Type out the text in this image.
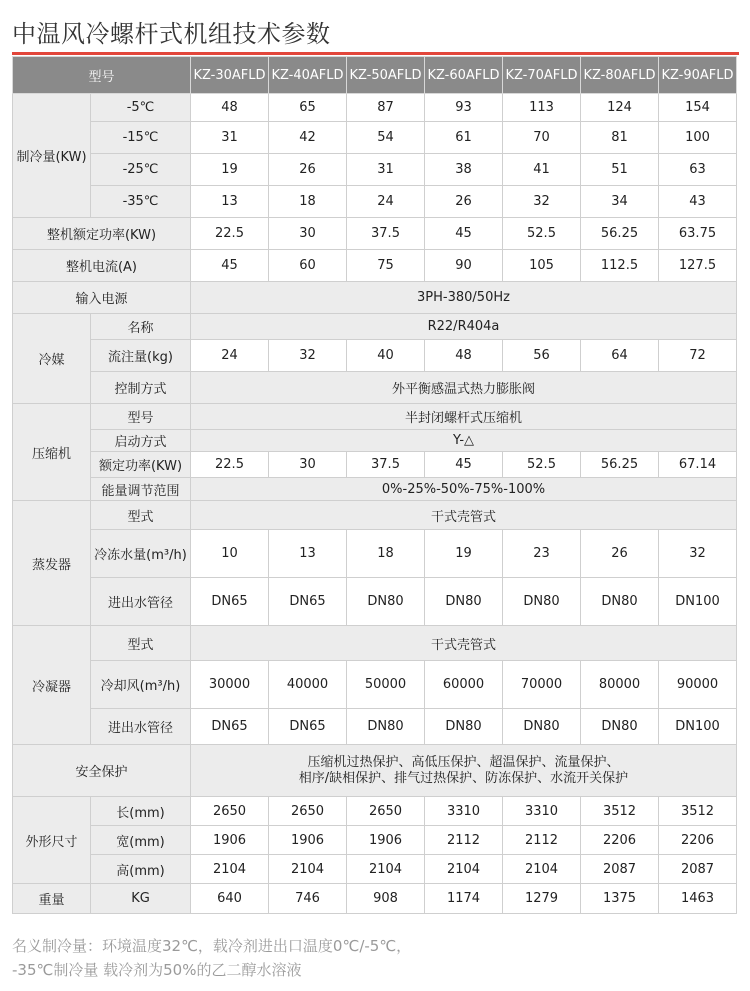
中温风冷螺杆式机组技术参数
型号		KZ-30AFLD	KZ-40AFLD	KZ-50AFLD	KZ-60AFLD	KZ-70AFLD	KZ-80AFLD	KZ-90AFLD
制冷量(KW)	-5℃	48	65	87	93	113	124	154
	-15℃	31	42	54	61	70	81	100
	-25℃	19	26	31	38	41	51	63
	-35℃	13	18	24	26	32	34	43
整机额定功率(KW)		22.5	30	37.5	45	52.5	56.25	63.75
整机电流(A)		45	60	75	90	105	112.5	127.5
输入电源		3PH-380/50Hz						
冷媒	名称	R22/R404a						
	流注量(kg)	24	32	40	48	56	64	72
	控制方式	外平衡感温式热力膨胀阀						
压缩机	型号	半封闭螺杆式压缩机						
	启动方式	Y-△						
	额定功率(KW)	22.5	30	37.5	45	52.5	56.25	67.14
	能量调节范围	0%-25%-50%-75%-100%						
蒸发器	型式	干式壳管式						
	冷冻水量(m³/h)	10	13	18	19	23	26	32
	进出水管径	DN65	DN65	DN80	DN80	DN80	DN80	DN100
冷凝器	型式	干式壳管式						
	冷却风(m³/h)	30000	40000	50000	60000	70000	80000	90000
	进出水管径	DN65	DN65	DN80	DN80	DN80	DN80	DN100
安全保护		压缩机过热保护、高低压保护、超温保护、流量保护、
相序/缺相保护、排气过热保护、防冻保护、水流开关保护						

外形尺寸	长(mm)	2650	2650	2650	3310	3310	3512	3512
	宽(mm)	1906	1906	1906	2112	2112	2206	2206
	高(mm)	2104	2104	2104	2104	2104	2087	2087
重量	KG	640	746	908	1174	1279	1375	1463
名义制冷量：环境温度32℃，载冷剂进出口温度0℃/-5℃，
-35℃制冷量 载冷剂为50%的乙二醇水溶液
